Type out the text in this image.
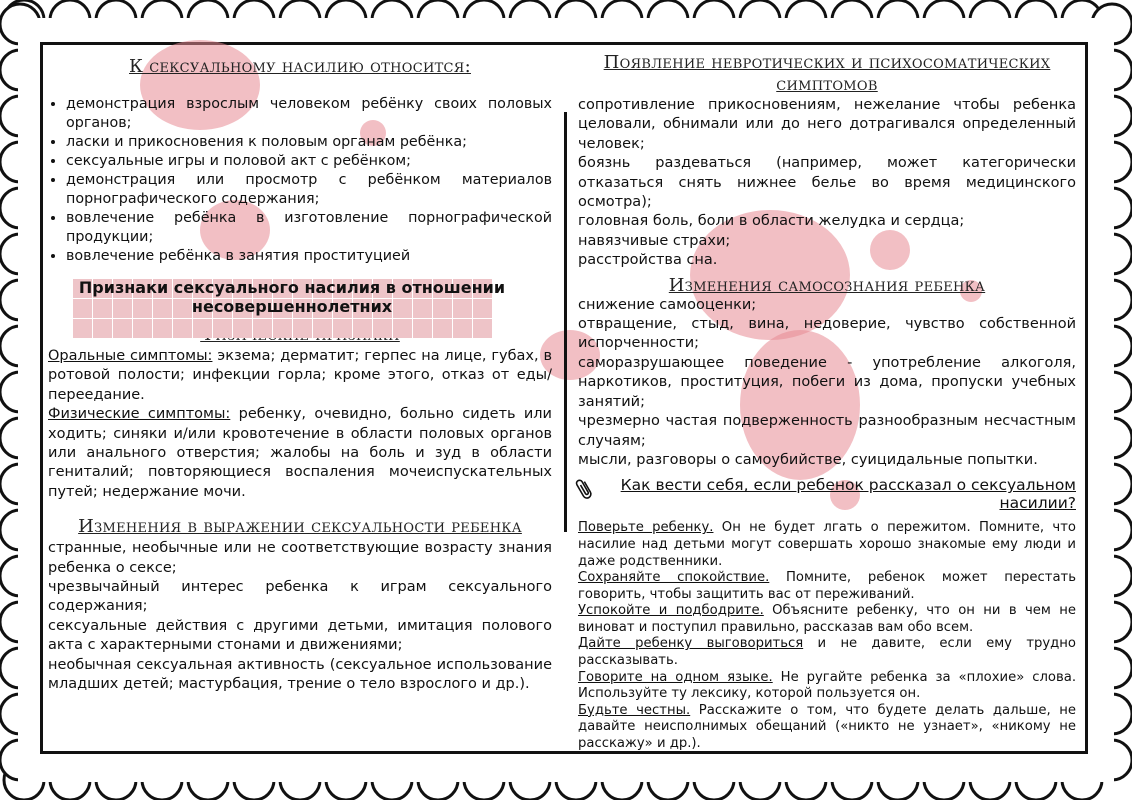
К сексуальному насилию относится:
• демонстрация взрослым человеком ребёнку своих половых органов;
• ласки и прикосновения к половым органам ребёнка;
• сексуальные игры и половой акт с ребёнком;
• демонстрация или просмотр с ребёнком материалов порнографического содержания;
• вовлечение ребёнка в изготовление порнографической продукции;
• вовлечение ребёнка в занятия проституцией
Признаки сексуального насилия в отношении несовершеннолетних

Оральные симптомы: экзема; дерматит; герпес на лице, губах, в ротовой полости; инфекции горла; кроме этого, отказ от еды/ переедание.

Физические симптомы: ребенку, очевидно, больно сидеть или ходить; синяки и/или кровотечение в области половых органов или анального отверстия; жалобы на боль и зуд в области гениталий; повторяющиеся воспаления мочеиспускательных путей; недержание мочи.

Изменения в выражении сексуальности ребенка

странные, необычные или не соответствующие возрасту знания ребенка о сексе;

чрезвычайный интерес ребенка к играм сексуального содержания;

сексуальные действия с другими детьми, имитация полового акта с характерными стонами и движениями;

необычная сексуальная активность (сексуальное использование младших детей; мастурбация, трение о тело взрослого и др.).

Появление невротических и психосоматических симптомов

сопротивление прикосновениям, нежелание чтобы ребенка целовали, обнимали или до него дотрагивался определенный человек;

боязнь раздеваться (например, может категорически отказаться снять нижнее белье во время медицинского осмотра);

головная боль, боли в области желудка и сердца;

навязчивые страхи;

расстройства сна.

Изменения самосознания ребенка

снижение самооценки;

отвращение, стыд, вина, недоверие, чувство собственной испорченности;

саморазрушающее поведение - употребление алкоголя, наркотиков, проституция, побеги из дома, пропуски учебных занятий;

чрезмерно частая подверженность разнообразным несчастным случаям;

мысли, разговоры о самоубийстве, суицидальные попытки.

Как вести себя, если ребенок рассказал о сексуальном насилии?

Поверьте ребенку. Он не будет лгать о пережитом. Помните, что насилие над детьми могут совершать хорошо знакомые ему люди и даже родственники.

Сохраняйте спокойствие. Помните, ребенок может перестать говорить, чтобы защитить вас от переживаний.

Успокойте и подбодрите. Объясните ребенку, что он ни в чем не виноват и поступил правильно, рассказав вам обо всем.

Дайте ребенку выговориться и не давите, если ему трудно рассказывать.

Говорите на одном языке. Не ругайте ребенка за «плохие» слова. Используйте ту лексику, которой пользуется он.

Будьте честны. Расскажите о том, что будете делать дальше, не давайте неисполнимых обещаний («никто не узнает», «никому не расскажу» и др.).
